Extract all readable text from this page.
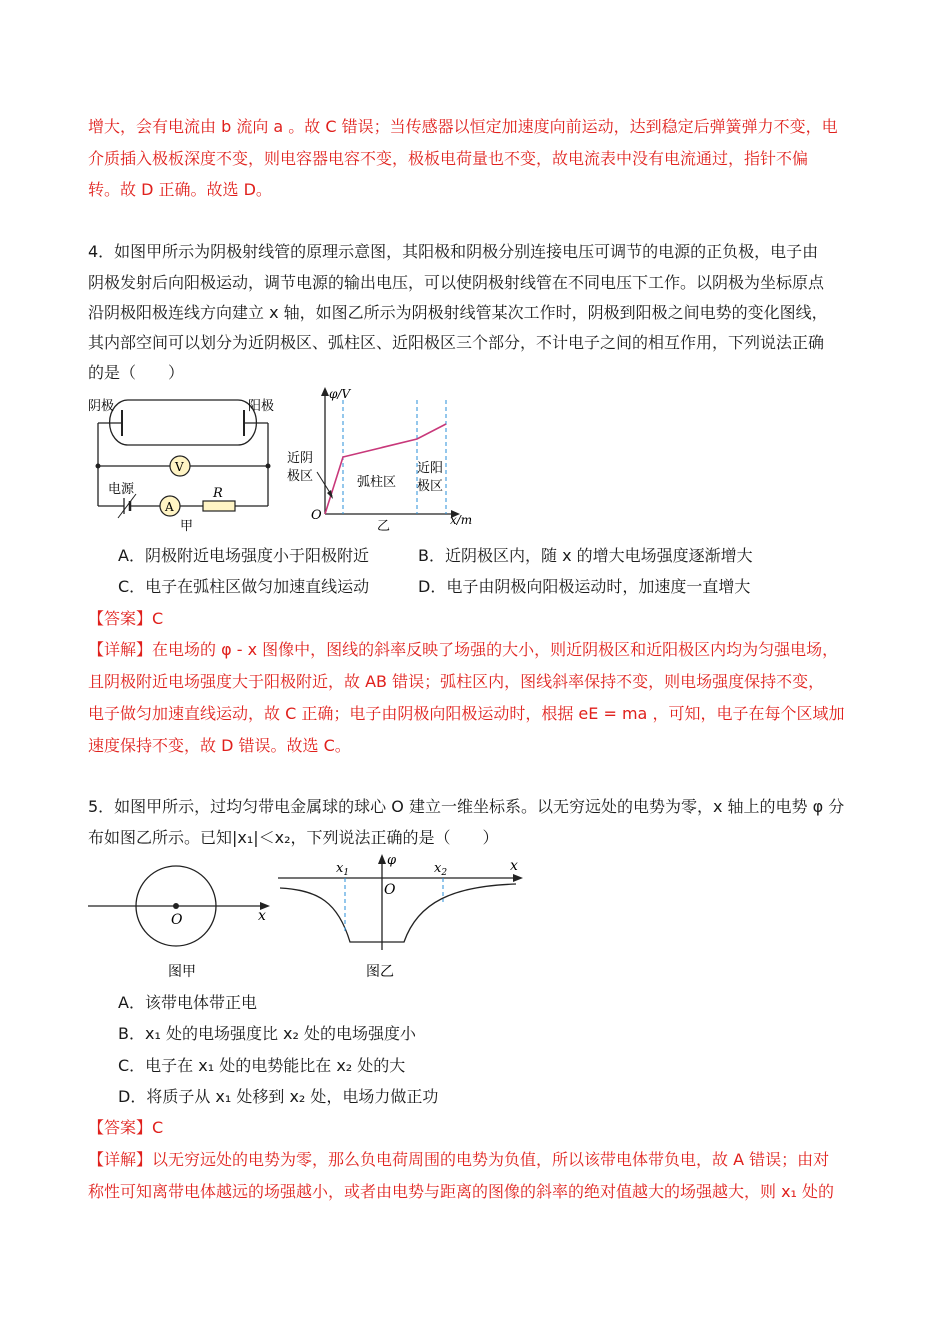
增大，会有电流由 b 流向 a 。故 C 错误；当传感器以恒定加速度向前运动，达到稳定后弹簧弹力不变，电
介质插入极板深度不变，则电容器电容不变，极板电荷量也不变，故电流表中没有电流通过，指针不偏
转。故 D 正确。故选 D。
4．如图甲所示为阴极射线管的原理示意图，其阳极和阴极分别连接电压可调节的电源的正负极，电子由
阴极发射后向阳极运动，调节电源的输出电压，可以使阴极射线管在不同电压下工作。以阴极为坐标原点
沿阴极阳极连线方向建立 x 轴，如图乙所示为阴极射线管某次工作时，阴极到阳极之间电势的变化图线，
其内部空间可以划分为近阴极区、弧柱区、近阳极区三个部分，不计电子之间的相互作用，下列说法正确
的是（　　）
阴极	阳极
V
电源
A
R
甲
φ/V
x/m
O
近阴
极区	弧柱区
近阳
极区
乙
A．阴极附近电场强度小于阳极附近	B．近阴极区内，随 x 的增大电场强度逐渐增大
C．电子在弧柱区做匀加速直线运动	D．电子由阴极向阳极运动时，加速度一直增大
【答案】C
【详解】在电场的 φ - x 图像中，图线的斜率反映了场强的大小，则近阴极区和近阳极区内均为匀强电场，
且阴极附近电场强度大于阳极附近，故 AB 错误；弧柱区内，图线斜率保持不变，则电场强度保持不变，
电子做匀加速直线运动，故 C 正确；电子由阴极向阳极运动时，根据 eE = ma ，可知，电子在每个区域加
速度保持不变，故 D 错误。故选 C。
5．如图甲所示，过均匀带电金属球的球心 O 建立一维坐标系。以无穷远处的电势为零，x 轴上的电势 φ 分
布如图乙所示。已知|x₁|＜x₂，下列说法正确的是（　　）
O	x
图甲
$x_1$	$x_2$
φ
O
x
图乙
A．该带电体带正电
B．x₁ 处的电场强度比 x₂ 处的电场强度小
C．电子在 x₁ 处的电势能比在 x₂ 处的大
D．将质子从 x₁ 处移到 x₂ 处，电场力做正功
【答案】C
【详解】以无穷远处的电势为零，那么负电荷周围的电势为负值，所以该带电体带负电，故 A 错误；由对
称性可知离带电体越远的场强越小，或者由电势与距离的图像的斜率的绝对值越大的场强越大，则 x₁ 处的
